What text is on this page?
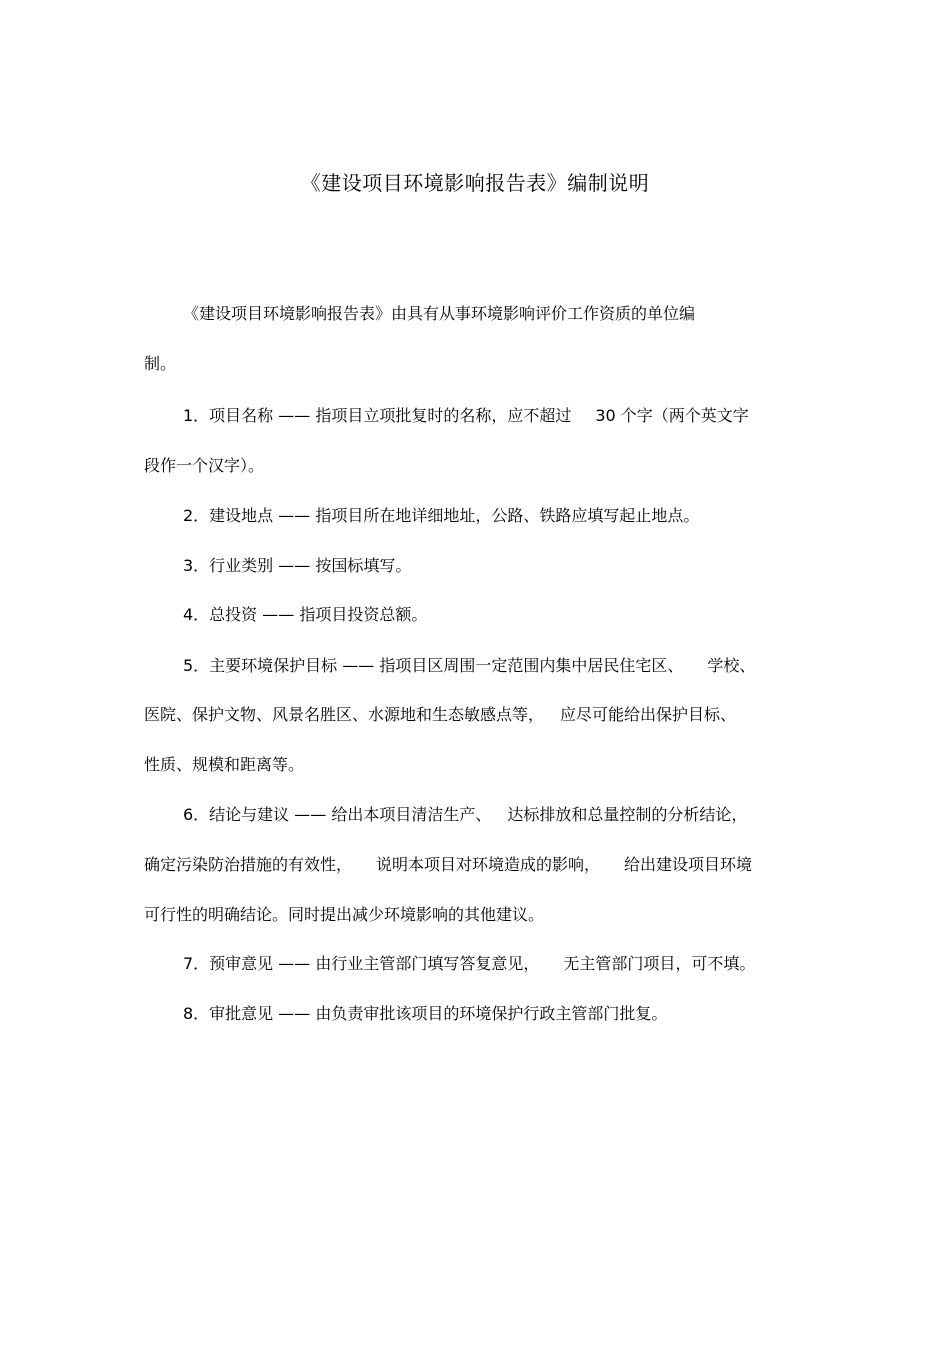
《建设项目环境影响报告表》编制说明
《建设项目环境影响报告表》由具有从事环境影响评价工作资质的单位编
制。
1．项目名称 —— 指项目立项批复时的名称，应不超过 30 个字（两个英文字
段作一个汉字）。
2．建设地点 —— 指项目所在地详细地址，公路、铁路应填写起止地点。
3．行业类别 —— 按国标填写。
4．总投资 —— 指项目投资总额。
5．主要环境保护目标 —— 指项目区周围一定范围内集中居民住宅区、 学校、
医院、保护文物、风景名胜区、水源地和生态敏感点等， 应尽可能给出保护目标、
性质、规模和距离等。
6．结论与建议 —— 给出本项目清洁生产、 达标排放和总量控制的分析结论，
确定污染防治措施的有效性， 说明本项目对环境造成的影响， 给出建设项目环境
可行性的明确结论。同时提出减少环境影响的其他建议。
7．预审意见 —— 由行业主管部门填写答复意见， 无主管部门项目，可不填。
8．审批意见 —— 由负责审批该项目的环境保护行政主管部门批复。
